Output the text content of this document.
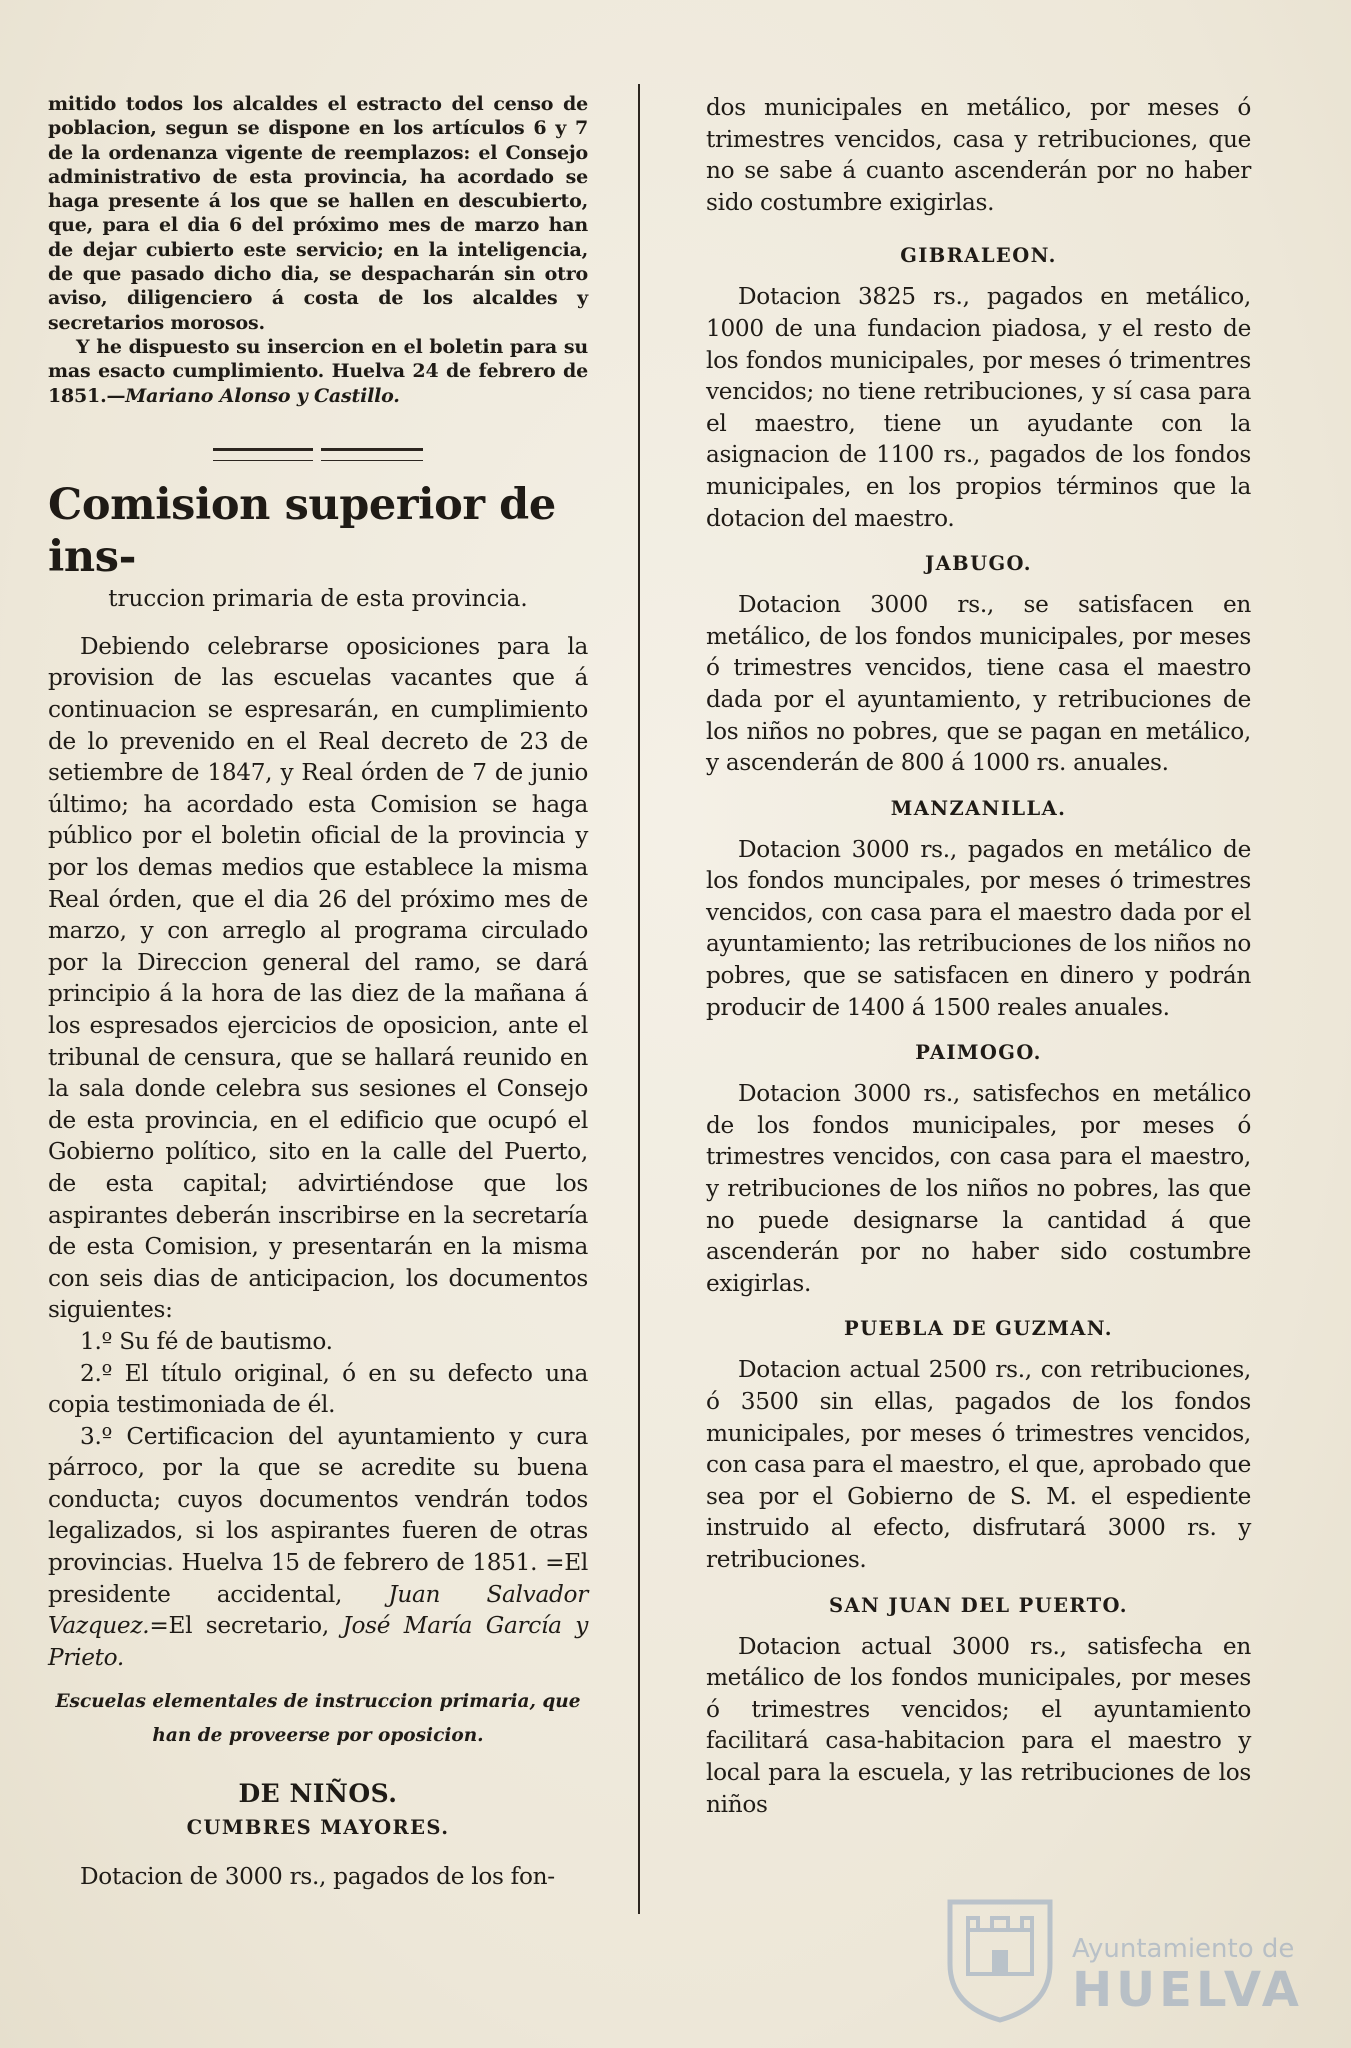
mitido todos los alcaldes el estracto del censo de poblacion, segun se dispone en los artículos 6 y 7 de la ordenanza vigente de reemplazos: el Consejo administrativo de esta provincia, ha acordado se haga presente á los que se hallen en descubierto, que, para el dia 6 del próximo mes de marzo han de dejar cubierto este servicio; en la inteligencia, de que pasado dicho dia, se despacharán sin otro aviso, diligenciero á costa de los alcaldes y secretarios morosos.

Y he dispuesto su insercion en el boletin para su mas esacto cumplimiento. Huelva 24 de febrero de 1851.—Mariano Alonso y Castillo.

Comision superior de ins-
truccion primaria de esta provincia.

Debiendo celebrarse oposiciones para la provision de las escuelas vacantes que á continuacion se espresarán, en cumplimiento de lo prevenido en el Real decreto de 23 de setiembre de 1847, y Real órden de 7 de junio último; ha acordado esta Comision se haga público por el boletin oficial de la provincia y por los demas medios que establece la misma Real órden, que el dia 26 del próximo mes de marzo, y con arreglo al programa circulado por la Direccion general del ramo, se dará principio á la hora de las diez de la mañana á los espresados ejercicios de oposicion, ante el tribunal de censura, que se hallará reunido en la sala donde celebra sus sesiones el Consejo de esta provincia, en el edificio que ocupó el Gobierno político, sito en la calle del Puerto, de esta capital; advirtiéndose que los aspirantes deberán inscribirse en la secretaría de esta Comision, y presentarán en la misma con seis dias de anticipacion, los documentos siguientes:

1.º Su fé de bautismo.

2.º El título original, ó en su defecto una copia testimoniada de él.

3.º Certificacion del ayuntamiento y cura párroco, por la que se acredite su buena conducta; cuyos documentos vendrán todos legalizados, si los aspirantes fueren de otras provincias. Huelva 15 de febrero de 1851. =El presidente accidental, Juan Salvador Vazquez.=El secretario, José María García y Prieto.

Escuelas elementales de instruccion primaria, que han de proveerse por oposicion.

DE NIÑOS.
CUMBRES MAYORES.

Dotacion de 3000 rs., pagados de los fon-

dos municipales en metálico, por meses ó trimestres vencidos, casa y retribuciones, que no se sabe á cuanto ascenderán por no haber sido costumbre exigirlas.

GIBRALEON.

Dotacion 3825 rs., pagados en metálico, 1000 de una fundacion piadosa, y el resto de los fondos municipales, por meses ó trimentres vencidos; no tiene retribuciones, y sí casa para el maestro, tiene un ayudante con la asignacion de 1100 rs., pagados de los fondos municipales, en los propios términos que la dotacion del maestro.

JABUGO.

Dotacion 3000 rs., se satisfacen en metálico, de los fondos municipales, por meses ó trimestres vencidos, tiene casa el maestro dada por el ayuntamiento, y retribuciones de los niños no pobres, que se pagan en metálico, y ascenderán de 800 á 1000 rs. anuales.

MANZANILLA.

Dotacion 3000 rs., pagados en metálico de los fondos muncipales, por meses ó trimestres vencidos, con casa para el maestro dada por el ayuntamiento; las retribuciones de los niños no pobres, que se satisfacen en dinero y podrán producir de 1400 á 1500 reales anuales.

PAIMOGO.

Dotacion 3000 rs., satisfechos en metálico de los fondos municipales, por meses ó trimestres vencidos, con casa para el maestro, y retribuciones de los niños no pobres, las que no puede designarse la cantidad á que ascenderán por no haber sido costumbre exigirlas.

PUEBLA DE GUZMAN.

Dotacion actual 2500 rs., con retribuciones, ó 3500 sin ellas, pagados de los fondos municipales, por meses ó trimestres vencidos, con casa para el maestro, el que, aprobado que sea por el Gobierno de S. M. el espediente instruido al efecto, disfrutará 3000 rs. y retribuciones.

SAN JUAN DEL PUERTO.

Dotacion actual 3000 rs., satisfecha en metálico de los fondos municipales, por meses ó trimestres vencidos; el ayuntamiento facilitará casa-habitacion para el maestro y local para la escuela, y las retribuciones de los niños

Ayuntamiento de
HUELVA
